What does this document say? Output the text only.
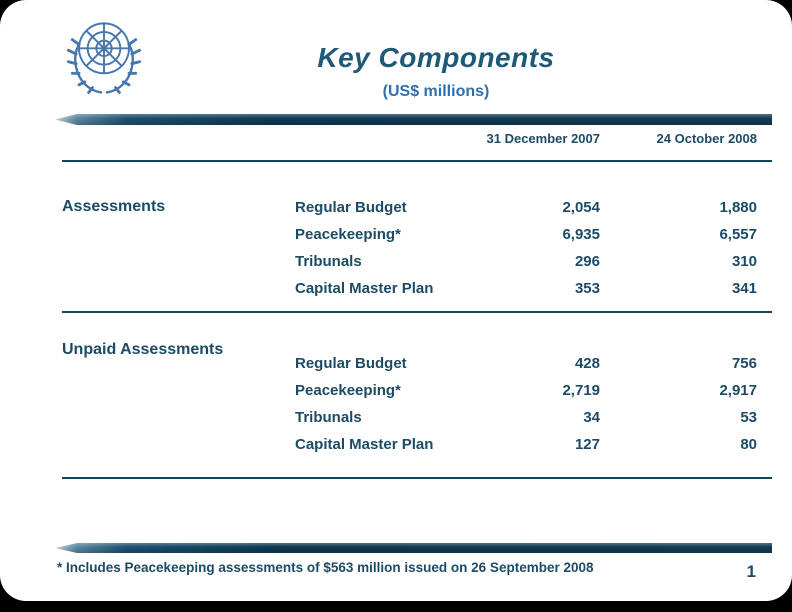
Key Components
(US$ millions)
31 December 2007	24 October 2008
Assessments	Regular Budget	2,054	1,880
Peacekeeping*	6,935	6,557
Tribunals	296	310
Capital Master Plan	353	341
Unpaid Assessments
Regular Budget	428	756
Peacekeeping*	2,719	2,917
Tribunals	34	53
Capital Master Plan	127	80
* Includes Peacekeeping assessments of $563 million issued on 26 September 2008	1
